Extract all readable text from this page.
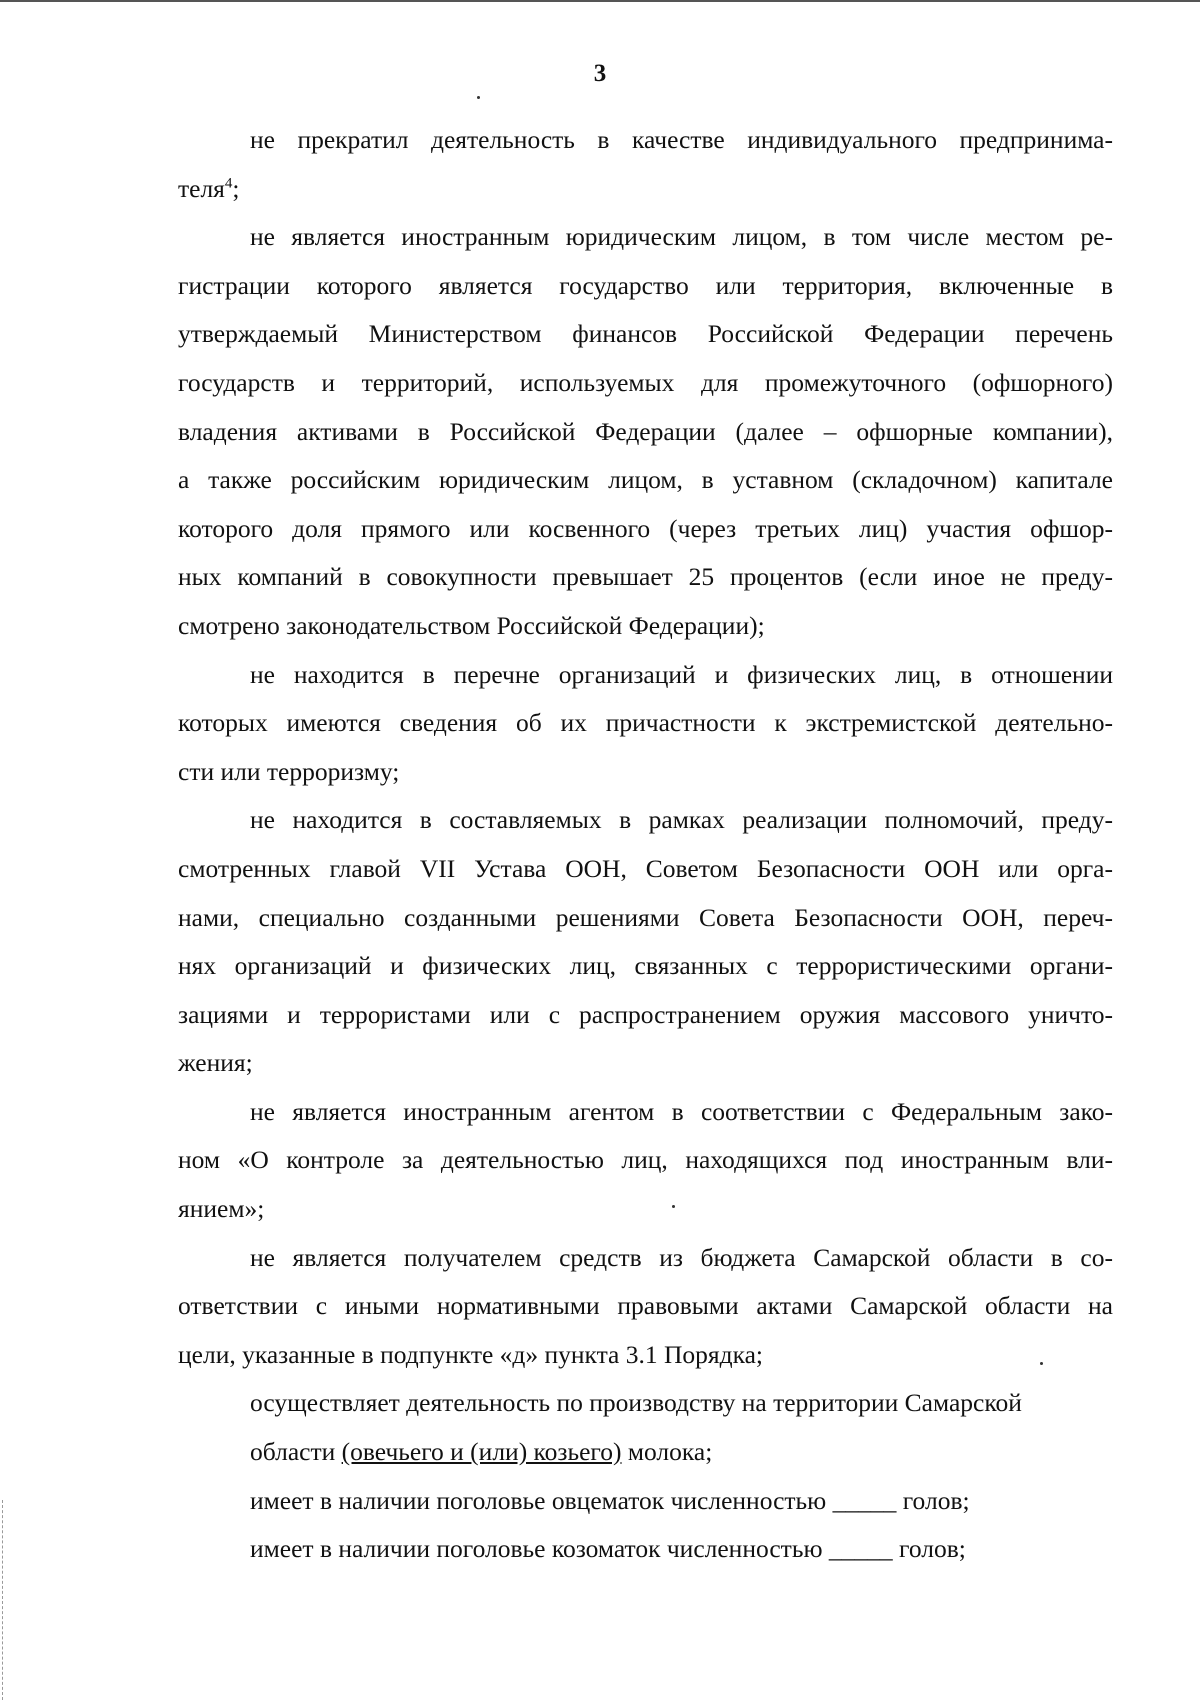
3
не прекратил деятельность в качестве индивидуального предпринима-
теля$^4$;
не является иностранным юридическим лицом, в том числе местом ре-
гистрации которого является государство или территория, включенные в
утверждаемый Министерством финансов Российской Федерации перечень
государств и территорий, используемых для промежуточного (офшорного)
владения активами в Российской Федерации (далее – офшорные компании),
а также российским юридическим лицом, в уставном (складочном) капитале
которого доля прямого или косвенного (через третьих лиц) участия офшор-
ных компаний в совокупности превышает 25 процентов (если иное не преду-
смотрено законодательством Российской Федерации);
не находится в перечне организаций и физических лиц, в отношении
которых имеются сведения об их причастности к экстремистской деятельно-
сти или терроризму;
не находится в составляемых в рамках реализации полномочий, преду-
смотренных главой VII Устава ООН, Советом Безопасности ООН или орга-
нами, специально созданными решениями Совета Безопасности ООН, переч-
нях организаций и физических лиц, связанных с террористическими органи-
зациями и террористами или с распространением оружия массового уничто-
жения;
не является иностранным агентом в соответствии с Федеральным зако-
ном «О контроле за деятельностью лиц, находящихся под иностранным вли-
янием»;
не является получателем средств из бюджета Самарской области в со-
ответствии с иными нормативными правовыми актами Самарской области на
цели, указанные в подпункте «д» пункта 3.1 Порядка;
осуществляет деятельность по производству на территории Самарской
области (овечьего и (или) козьего) молока;
имеет в наличии поголовье овцематок численностью _____ голов;
имеет в наличии поголовье козоматок численностью _____ голов;
